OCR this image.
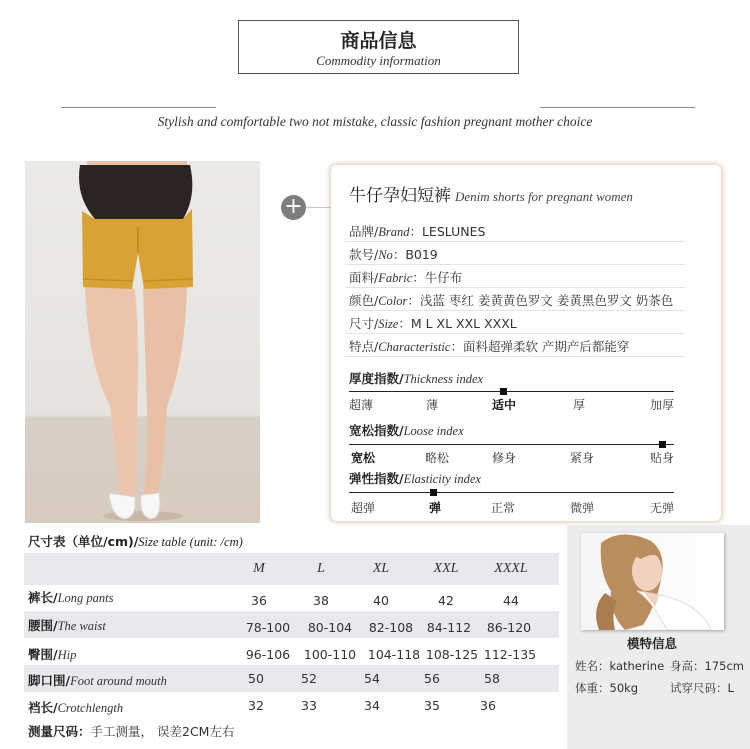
商品信息
Commodity information
Stylish and comfortable two not mistake, classic fashion pregnant mother choice
+	牛仔孕妇短裤 Denim shorts for pregnant women
品牌/Brand：LESLUNES
款号/No：B019
面料/Fabric：牛仔布
颜色/Color：浅蓝 枣红 姜黄黄色罗文 姜黄黑色罗文 奶茶色
尺寸/Size：M L XL XXL XXXL
特点/Characteristic：面料超弹柔软 产期产后都能穿
厚度指数/Thickness index
超薄	薄	适中	厚	加厚
宽松指数/Loose index
宽松	略松	修身	紧身	贴身
弹性指数/Elasticity index
超弹	弹	正常	微弹	无弹
尺寸表（单位/cm)/Size table (unit: /cm)
M	L	XL	XXL	XXXL
裤长/Long pants	36	38	40	42	44
腰围/The waist	78-100 80-104 82-108 84-112 86-120
臀围/Hip	96-106 100-110 104-118 108-125 112-135
脚口围/Foot around mouth	50	52	54	56	58
裆长/Crotchlength	32	33	34	35	36
测量尺码：手工测量， 误差2CM左右
模特信息
姓名：katherine 身高：175cm
体重：50kg	试穿尺码：L
